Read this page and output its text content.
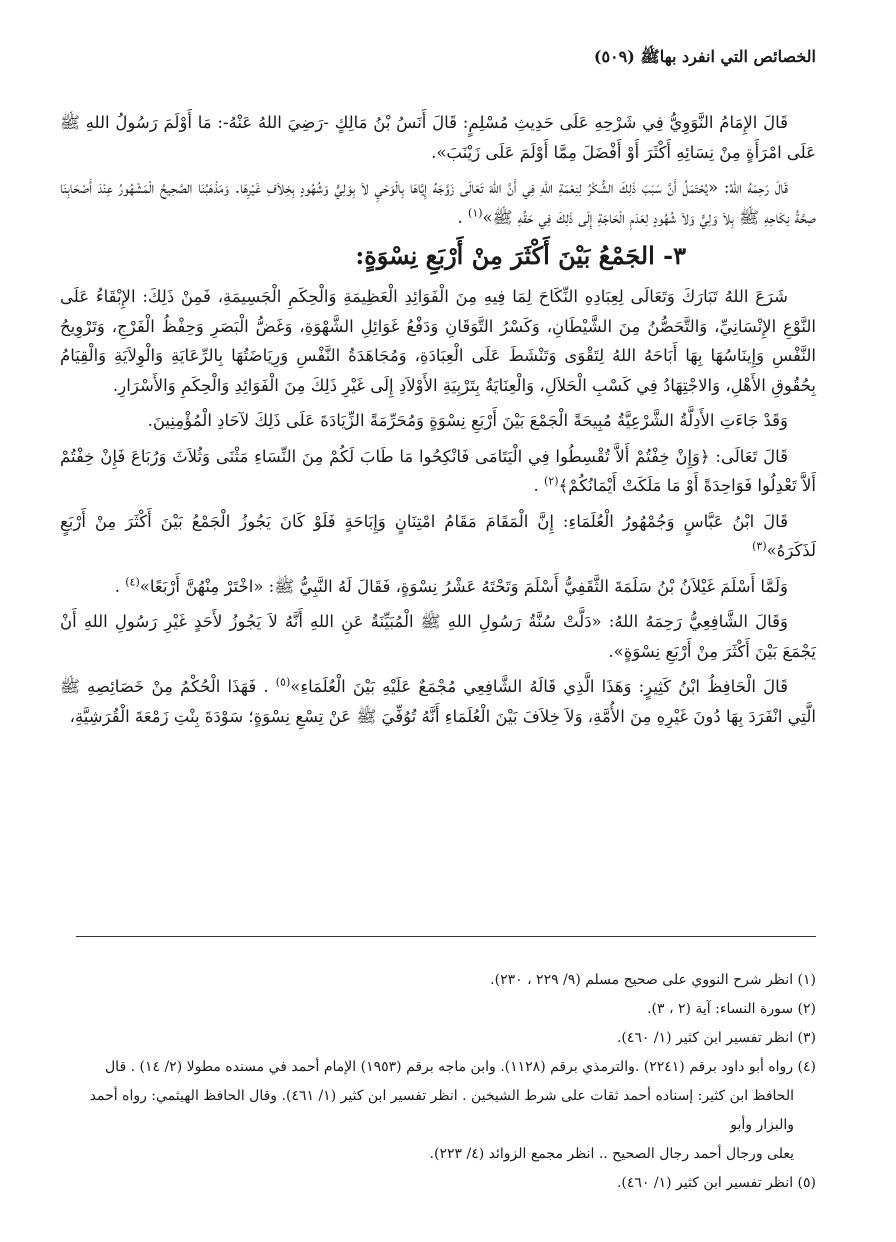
الخصائص التي انفرد بهاﷺ (٥٠٩)

قَالَ الإِمَامُ النَّوَوِيُّ فِي شَرْحِهِ عَلَى حَدِيثِ مُسْلِمٍ: قَالَ أَنَسُ بْنُ مَالِكٍ -رَضِيَ اللهُ عَنْهُ-: مَا أَوْلَمَ رَسُولُ اللهِ ﷺ عَلَى امْرَأَةٍ مِنْ نِسَائِهِ أَكْثَرَ أَوْ أَفْضَلَ مِمَّا أَوْلَمَ عَلَى زَيْنَبَ».

قَالَ رَحِمَهُ اللهُ: «يُحْتَمَلُ أَنَّ سَبَبَ ذَلِكَ الشُّكْرُ لِنِعْمَةِ اللهِ فِي أَنَّ اللهَ تَعَالَى زَوَّجَهُ إِيَّاهَا بِالْوَحْيِ لاَ بِوَلِيٍّ وَشُهُودٍ بِخِلاَفِ غَيْرِهَا. وَمَذْهَبُنَا الصَّحِيحُ الْمَشْهُورُ عِنْدَ أَصْحَابِنَا صِحَّةُ نِكَاحِهِ ﷺ بِلاَ وَلِيٍّ وَلاَ شُهُودٍ لِعَدَمِ الْحَاجَةِ إِلَى ذَلِكَ فِي حَقِّهِ ﷺ»$^{(١)}$ .

٣- الجَمْعُ بَيْنَ أَكْثَرَ مِنْ أَرْبَعِ نِسْوَةٍ:

شَرَعَ اللهُ تَبَارَكَ وَتَعَالَى لِعِبَادِهِ النِّكَاحَ لِمَا فِيهِ مِنَ الْفَوَائِدِ الْعَظِيمَةِ وَالْحِكَمِ الْجَسِيمَةِ، فَمِنْ ذَلِكَ: الإِبْقَاءُ عَلَى النَّوْعِ الإِنْسَانِيِّ، وَالتَّحَصُّنُ مِنَ الشَّيْطَانِ، وَكَسْرُ التَّوَقَانِ وَدَفْعُ غَوَائِلِ الشَّهْوَةِ، وَغَضُّ الْبَصَرِ وَحِفْظُ الْفَرْجِ، وَتَرْوِيحُ النَّفْسِ وَإِينَاسُهَا بِهَا أَبَاحَهُ اللهُ لِتَقْوَى وَتَنْشَطَ عَلَى الْعِبَادَةِ، وَمُجَاهَدَةُ النَّفْسِ وَرِيَاضَتُهَا بِالرِّعَايَةِ وَالْوِلاَيَةِ وَالْقِيَامُ بِحُقُوقِ الأَهْلِ، وَالاجْتِهَادُ فِي كَسْبِ الْحَلاَلِ، وَالْعِنَايَةُ بِتَرْبِيَةِ الأَوْلاَدِ إِلَى غَيْرِ ذَلِكَ مِنَ الْفَوَائِدِ وَالْحِكَمِ وَالأَسْرَارِ.

وَقَدْ جَاءَتِ الأَدِلَّةُ الشَّرْعِيَّةُ مُبِيحَةً الْجَمْعَ بَيْنَ أَرْبَعِ نِسْوَةٍ وَمُحَرِّمَةً الزِّيَادَةَ عَلَى ذَلِكَ لآحَادِ الْمُؤْمِنِينَ.

قَالَ تَعَالَى: ﴿وَإِنْ خِفْتُمْ أَلاَّ تُقْسِطُوا فِي الْيَتَامَى فَانْكِحُوا مَا طَابَ لَكُمْ مِنَ النِّسَاءِ مَثْنَى وَثُلاَثَ وَرُبَاعَ فَإِنْ خِفْتُمْ أَلاَّ تَعْدِلُوا فَوَاحِدَةً أَوْ مَا مَلَكَتْ أَيْمَانُكُمْ﴾$^{(٢)}$ .

قَالَ ابْنُ عَبَّاسٍ وَجُمْهُورُ الْعُلَمَاءِ: إِنَّ الْمَقَامَ مَقَامُ امْتِنَانٍ وَإِبَاحَةٍ فَلَوْ كَانَ يَجُوزُ الْجَمْعُ بَيْنَ أَكْثَرَ مِنْ أَرْبَعٍ لَذَكَرَهُ»$^{(٣)}$

وَلَمَّا أَسْلَمَ غَيْلاَنُ بْنُ سَلَمَةَ الثَّقَفِيُّ أَسْلَمَ وَتَحْتَهُ عَشْرُ نِسْوَةٍ، فَقَالَ لَهُ النَّبِيُّ ﷺ: «اخْتَرْ مِنْهُنَّ أَرْبَعًا»$^{(٤)}$ .

وَقَالَ الشَّافِعِيُّ رَحِمَهُ اللهُ: «دَلَّتْ سُنَّةُ رَسُولِ اللهِ ﷺ الْمُبَيِّنَةُ عَنِ اللهِ أَنَّهُ لاَ يَجُوزُ لأَحَدٍ غَيْرِ رَسُولِ اللهِ أَنْ يَجْمَعَ بَيْنَ أَكْثَرَ مِنْ أَرْبَعِ نِسْوَةٍ».

قَالَ الْحَافِظُ ابْنُ كَثِيرٍ: وَهَذَا الَّذِي قَالَهُ الشَّافِعِي مُجْمَعٌ عَلَيْهِ بَيْنَ الْعُلَمَاءِ»$^{(٥)}$ . فَهَذَا الْحُكْمُ مِنْ خَصَائِصِهِ ﷺ الَّتِي انْفَرَدَ بِهَا دُونَ غَيْرِهِ مِنَ الأُمَّةِ، وَلاَ خِلاَفَ بَيْنَ الْعُلَمَاءِ أَنَّهُ تُوُفِّيَ ﷺ عَنْ تِسْعِ نِسْوَةٍ؛ سَوْدَةَ بِنْتِ زَمْعَةَ الْقُرَشِيَّةِ،

(١) انظر شرح النووي على صحيح مسلم (٩/ ٢٢٩ ، ٢٣٠).

(٢) سورة النساء: آية (٢ ، ٣).

(٣) انظر تفسير ابن كثير (١/ ٤٦٠).

(٤) رواه أبو داود برقم (٢٢٤١) .والترمذي برقم (١١٢٨). وابن ماجه برقم (١٩٥٣) الإمام أحمد في مسنده مطولا (٢/ ١٤) . قال

الحافظ ابن كثير: إسناده أحمد ثقات على شرط الشيخين . انظر تفسير ابن كثير (١/ ٤٦١). وقال الحافظ الهيثمي: رواه أحمد والبزار وأبو

يعلى ورجال أحمد رجال الصحيح .. انظر مجمع الزوائد (٤/ ٢٢٣).

(٥) انظر تفسير ابن كثير (١/ ٤٦٠).
